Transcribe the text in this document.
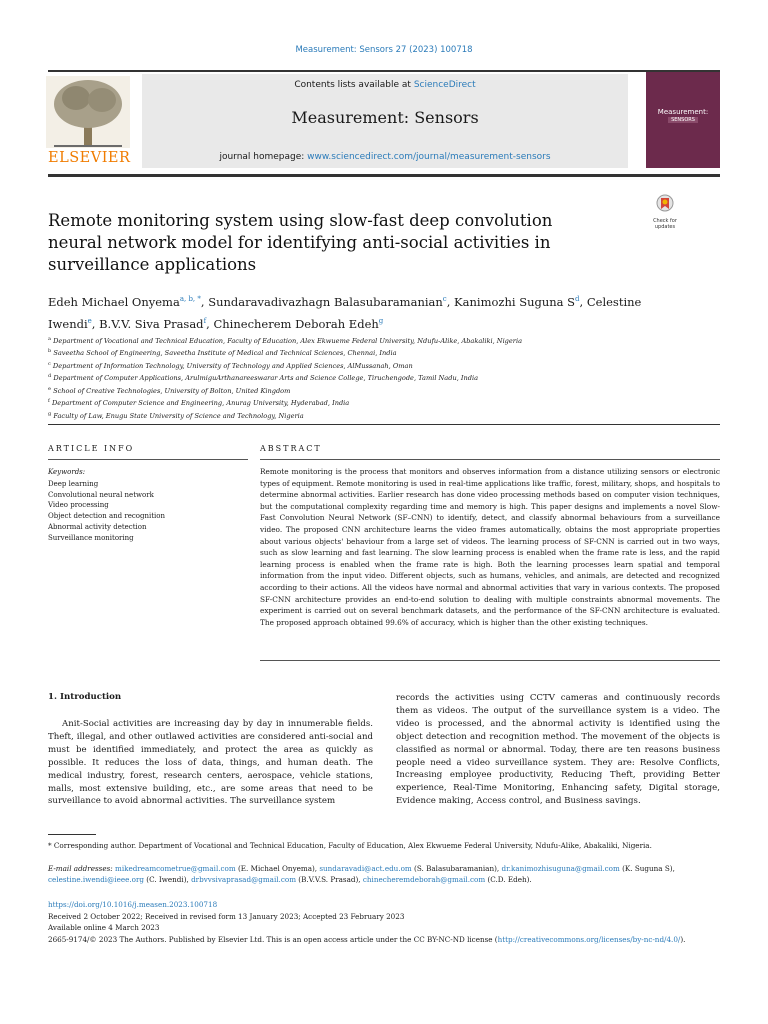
Measurement: Sensors 27 (2023) 100718
ELSEVIER
Contents lists available at ScienceDirect
Measurement: Sensors
journal homepage: www.sciencedirect.com/journal/measurement-sensors
Measurement:
SENSORS
Check for updates
Remote monitoring system using slow-fast deep convolution neural network model for identifying anti-social activities in surveillance applications
Edeh Michael Onyema$^{a, b, *}$, Sundaravadivazhagn Balasubaramanian$^c$, Kanimozhi Suguna $S^d$, Celestine Iwendi$^e$, B.V.V. Siva Prasad$^f$, Chinecherem Deborah Edeh$^g$
$^a$ Department of Vocational and Technical Education, Faculty of Education, Alex Ekwueme Federal University, Ndufu-Alike, Abakaliki, Nigeria
$^b$ Saveetha School of Engineering, Saveetha Institute of Medical and Technical Sciences, Chennai, India
$^c$ Department of Information Technology, University of Technology and Applied Sciences, AlMussanah, Oman
$^d$ Department of Computer Applications, ArulmiguArthanareeswarar Arts and Science College, Tiruchengode, Tamil Nadu, India
$^e$ School of Creative Technologies, University of Bolton, United Kingdom
$^f$ Department of Computer Science and Engineering, Anurag University, Hyderabad, India
$^g$ Faculty of Law, Enugu State University of Science and Technology, Nigeria
ARTICLE INFO	ABSTRACT
Keywords:
Deep learning
Convolutional neural network
Video processing
Object detection and recognition
Abnormal activity detection
Surveillance monitoring

Remote monitoring is the process that monitors and observes information from a distance utilizing sensors or electronic types of equipment. Remote monitoring is used in real-time applications like traffic, forest, military, shops, and hospitals to determine abnormal activities. Earlier research has done video processing methods based on computer vision techniques, but the computational complexity regarding time and memory is high. This paper designs and implements a novel Slow-Fast Convolution Neural Network (SF–CNN) to identify, detect, and classify abnormal behaviours from a surveillance video. The proposed CNN architecture learns the video frames automatically, obtains the most appropriate properties about various objects' behaviour from a large set of videos. The learning process of SF-CNN is carried out in two ways, such as slow learning and fast learning. The slow learning process is enabled when the frame rate is less, and the rapid learning process is enabled when the frame rate is high. Both the learning processes learn spatial and temporal information from the input video. Different objects, such as humans, vehicles, and animals, are detected and recognized according to their actions. All the videos have normal and abnormal activities that vary in various contexts. The proposed SF-CNN architecture provides an end-to-end solution to dealing with multiple constraints abnormal movements. The experiment is carried out on several benchmark datasets, and the performance of the SF-CNN architecture is evaluated. The proposed approach obtained 99.6% of accuracy, which is higher than the other existing techniques.

1. Introduction

Anit-Social activities are increasing day by day in innumerable fields. Theft, illegal, and other outlawed activities are considered anti-social and must be identified immediately, and protect the area as quickly as possible. It reduces the loss of data, things, and human death. The medical industry, forest, research centers, aerospace, vehicle stations, malls, most extensive building, etc., are some areas that need to be surveillance to avoid abnormal activities. The surveillance system

records the activities using CCTV cameras and continuously records them as videos. The output of the surveillance system is a video. The video is processed, and the abnormal activity is identified using the object detection and recognition method. The movement of the objects is classified as normal or abnormal. Today, there are ten reasons business people need a video surveillance system. They are: Resolve Conflicts, Increasing employee productivity, Reducing Theft, providing Better experience, Real-Time Monitoring, Enhancing safety, Digital storage, Evidence making, Access control, and Business savings.

* Corresponding author. Department of Vocational and Technical Education, Faculty of Education, Alex Ekwueme Federal University, Ndufu-Alike, Abakaliki, Nigeria.

E-mail addresses: mikedreamcometrue@gmail.com (E. Michael Onyema), sundaravadi@act.edu.om (S. Balasubaramanian), dr.kanimozhisuguna@gmail.com (K. Suguna S), celestine.iwendi@ieee.org (C. Iwendi), drbvvsivaprasad@gmail.com (B.V.V.S. Prasad), chinecheremdeborah@gmail.com (C.D. Edeh).

https://doi.org/10.1016/j.measen.2023.100718
Received 2 October 2022; Received in revised form 13 January 2023; Accepted 23 February 2023
Available online 4 March 2023

2665-9174/© 2023 The Authors. Published by Elsevier Ltd. This is an open access article under the CC BY-NC-ND license (http://creativecommons.org/licenses/by-nc-nd/4.0/).
